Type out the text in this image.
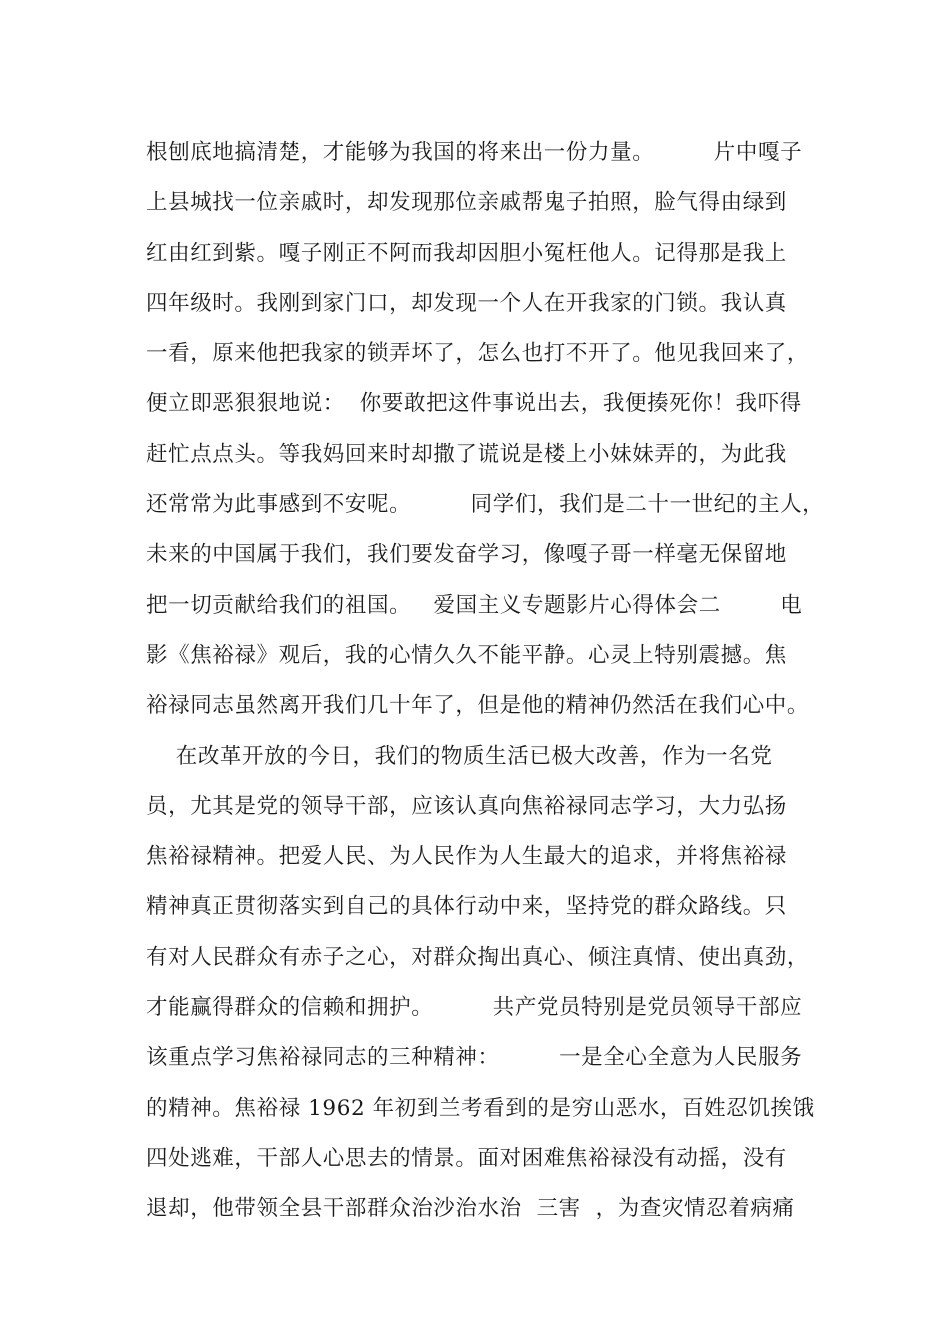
根刨底地搞清楚，才能够为我国的将来出一份力量。        片中嘎子
上县城找一位亲戚时，却发现那位亲戚帮鬼子拍照，脸气得由绿到
红由红到紫。嘎子刚正不阿而我却因胆小冤枉他人。记得那是我上
四年级时。我刚到家门口，却发现一个人在开我家的门锁。我认真
一看，原来他把我家的锁弄坏了，怎么也打不开了。他见我回来了，
便立即恶狠狠地说：  你要敢把这件事说出去，我便揍死你！我吓得
赶忙点点头。等我妈回来时却撒了谎说是楼上小妹妹弄的，为此我
还常常为此事感到不安呢。        同学们，我们是二十一世纪的主人，
未来的中国属于我们，我们要发奋学习，像嘎子哥一样毫无保留地
把一切贡献给我们的祖国。   爱国主义专题影片心得体会二        电
影《焦裕禄》观后，我的心情久久不能平静。心灵上特别震撼。焦
裕禄同志虽然离开我们几十年了，但是他的精神仍然活在我们心中。
在改革开放的今日，我们的物质生活已极大改善，作为一名党
员，尤其是党的领导干部，应该认真向焦裕禄同志学习，大力弘扬
焦裕禄精神。把爱人民、为人民作为人生最大的追求，并将焦裕禄
精神真正贯彻落实到自己的具体行动中来，坚持党的群众路线。只
有对人民群众有赤子之心，对群众掏出真心、倾注真情、使出真劲，
才能赢得群众的信赖和拥护。        共产党员特别是党员领导干部应
该重点学习焦裕禄同志的三种精神：        一是全心全意为人民服务
的精神。焦裕禄 1962 年初到兰考看到的是穷山恶水，百姓忍饥挨饿
四处逃难，干部人心思去的情景。面对困难焦裕禄没有动摇，没有
退却，他带领全县干部群众治沙治水治  三害  ，为查灾情忍着病痛
